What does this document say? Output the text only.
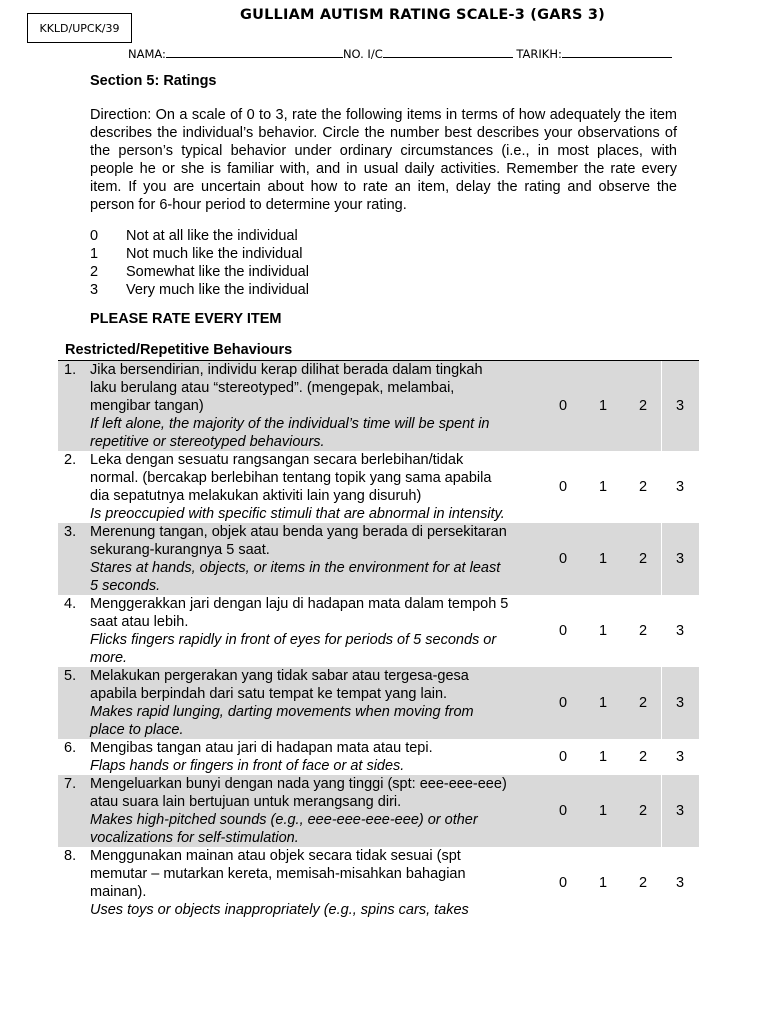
KKLD/UPCK/39
GULLIAM AUTISM RATING SCALE-3 (GARS 3)
NAMA:	NO. I/C	TARIKH:
Section 5: Ratings
Direction: On a scale of 0 to 3, rate the following items in terms of how adequately the item describes the individual’s behavior. Circle the number best describes your observations of the person’s typical behavior under ordinary circumstances (i.e., in most places, with people he or she is familiar with, and in usual daily activities. Remember the rate every item. If you are uncertain about how to rate an item, delay the rating and observe the person for 6-hour period to determine your rating.
0	Not at all like the individual
1	Not much like the individual
2	Somewhat like the individual
3	Very much like the individual
PLEASE RATE EVERY ITEM
Restricted/Repetitive Behaviours
1. Jika bersendirian, individu kerap dilihat berada dalam tingkah laku berulang atau “stereotyped”. (mengepak, melambai, mengibar tangan)
If left alone, the majority of the individual’s time will be spent in repetitive or stereotyped behaviours.
0	1	2	3
2. Leka dengan sesuatu rangsangan secara berlebihan/tidak normal. (bercakap berlebihan tentang topik yang sama apabila dia sepatutnya melakukan aktiviti lain yang disuruh)
Is preoccupied with specific stimuli that are abnormal in intensity.
0	1	2	3
3. Merenung tangan, objek atau benda yang berada di persekitaran sekurang-kurangnya 5 saat.
Stares at hands, objects, or items in the environment for at least 5 seconds.
0	1	2	3
4. Menggerakkan jari dengan laju di hadapan mata dalam tempoh 5 saat atau lebih.
Flicks fingers rapidly in front of eyes for periods of 5 seconds or more.
0	1	2	3
5. Melakukan pergerakan yang tidak sabar atau tergesa-gesa apabila berpindah dari satu tempat ke tempat yang lain.
Makes rapid lunging, darting movements when moving from place to place.
0	1	2	3
6. Mengibas tangan atau jari di hadapan mata atau tepi.
Flaps hands or fingers in front of face or at sides.
0	1	2	3
7. Mengeluarkan bunyi dengan nada yang tinggi (spt: eee-eee-eee) atau suara lain bertujuan untuk merangsang diri.
Makes high-pitched sounds (e.g., eee-eee-eee-eee) or other vocalizations for self-stimulation.
0	1	2	3
8. Menggunakan mainan atau objek secara tidak sesuai (spt memutar – mutarkan kereta, memisah-misahkan bahagian mainan).
Uses toys or objects inappropriately (e.g., spins cars, takes
0	1	2	3
